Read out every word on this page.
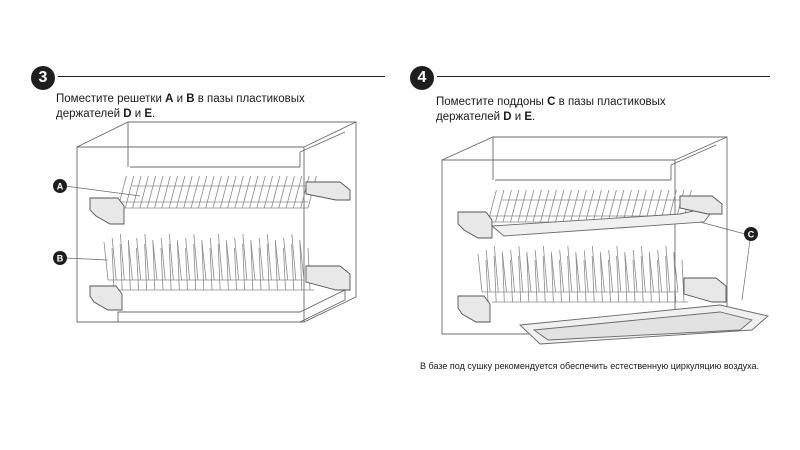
3
Поместите решетки A и B в пазы пластиковых
держателей D и E.
4
Поместите поддоны C в пазы пластиковых
держателей D и E.
A
B
C
В базе под сушку рекомендуется обеспечить естественную циркуляцию воздуха.
